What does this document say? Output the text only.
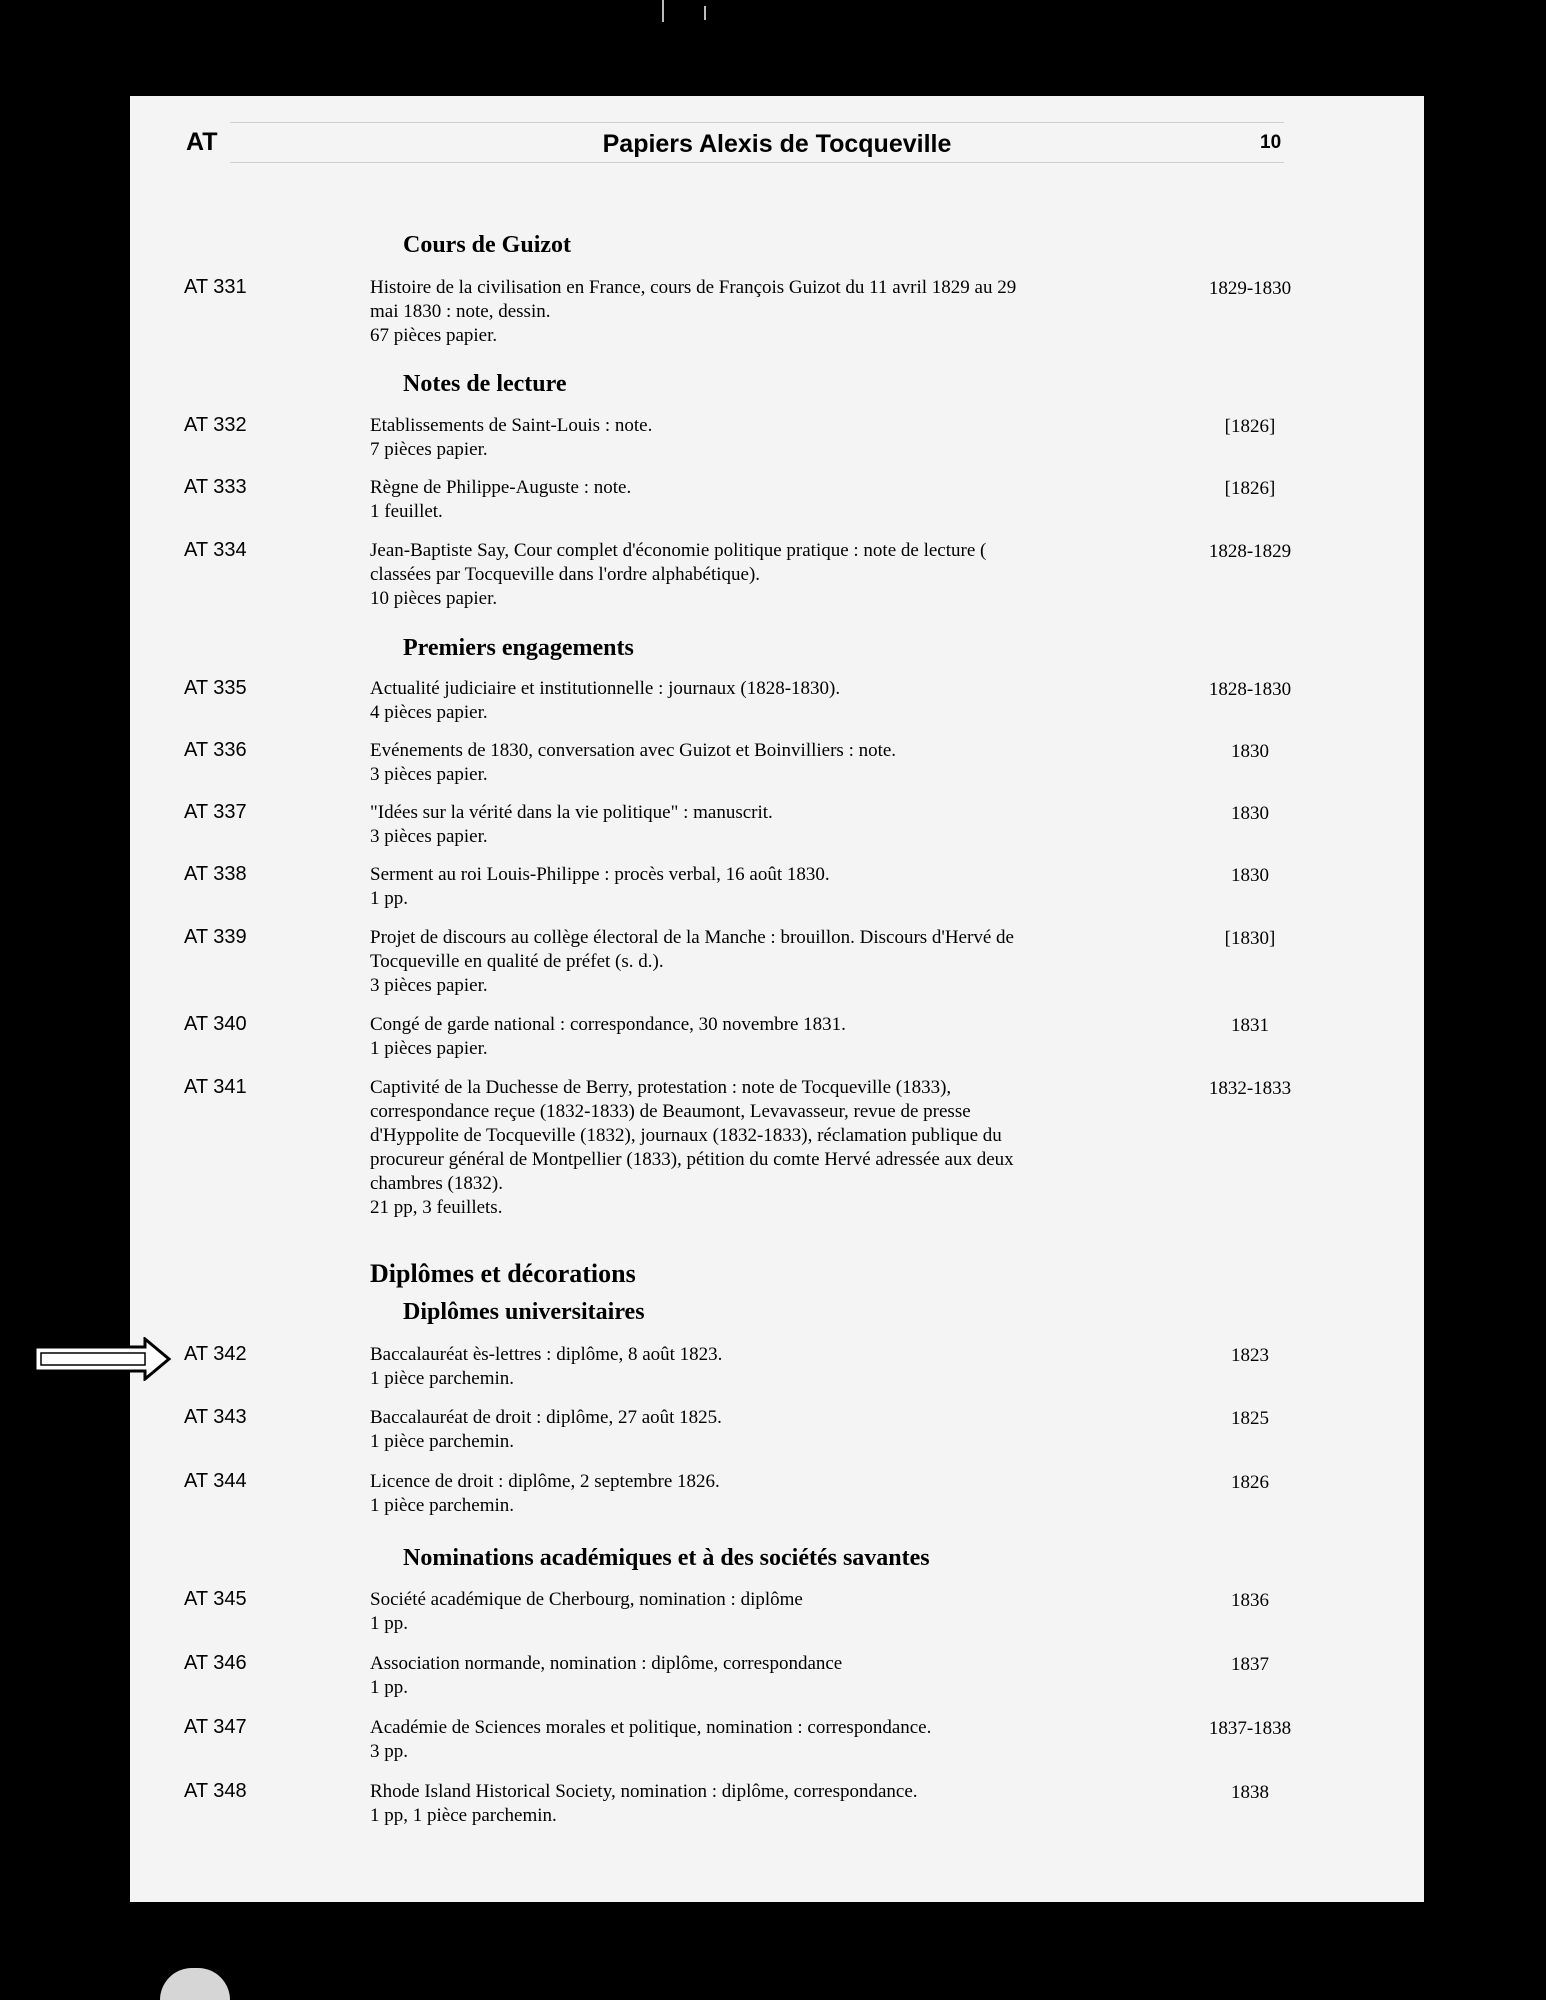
AT	Papiers Alexis de Tocqueville	10
Cours de Guizot
AT 331	Histoire de la civilisation en France, cours de François Guizot du 11 avril 1829 au 29
mai 1830 : note, dessin.
67 pièces papier.
1829-1830
Notes de lecture
AT 332	Etablissements de Saint-Louis : note.
7 pièces papier.
[1826]
AT 333	Règne de Philippe-Auguste : note.
1 feuillet.
[1826]
AT 334	Jean-Baptiste Say, Cour complet d'économie politique pratique : note de lecture (
classées par Tocqueville dans l'ordre alphabétique).
10 pièces papier.
1828-1829
Premiers engagements
AT 335	Actualité judiciaire et institutionnelle : journaux (1828-1830).
4 pièces papier.
1828-1830
AT 336	Evénements de 1830, conversation avec Guizot et Boinvilliers : note.
3 pièces papier.
1830
AT 337	"Idées sur la vérité dans la vie politique" : manuscrit.
3 pièces papier.
1830
AT 338	Serment au roi Louis-Philippe : procès verbal, 16 août 1830.
1 pp.
1830
AT 339	Projet de discours au collège électoral de la Manche : brouillon. Discours d'Hervé de
Tocqueville en qualité de préfet (s. d.).
3 pièces papier.
[1830]
AT 340	Congé de garde national : correspondance, 30 novembre 1831.
1 pièces papier.
1831
AT 341	Captivité de la Duchesse de Berry, protestation : note de Tocqueville (1833),
correspondance reçue (1832-1833) de Beaumont, Levavasseur, revue de presse
d'Hyppolite de Tocqueville (1832), journaux (1832-1833), réclamation publique du
procureur général de Montpellier (1833), pétition du comte Hervé adressée aux deux
chambres (1832).
21 pp, 3 feuillets.
1832-1833
Diplômes et décorations
Diplômes universitaires
AT 342	Baccalauréat ès-lettres : diplôme, 8 août 1823.
1 pièce parchemin.
1823
AT 343	Baccalauréat de droit : diplôme, 27 août 1825.
1 pièce parchemin.
1825
AT 344	Licence de droit : diplôme, 2 septembre 1826.
1 pièce parchemin.
1826
Nominations académiques et à des sociétés savantes
AT 345	Société académique de Cherbourg, nomination : diplôme
1 pp.
1836
AT 346	Association normande, nomination : diplôme, correspondance
1 pp.
1837
AT 347	Académie de Sciences morales et politique, nomination : correspondance.
3 pp.
1837-1838
AT 348	Rhode Island Historical Society, nomination : diplôme, correspondance.
1 pp, 1 pièce parchemin.
1838
